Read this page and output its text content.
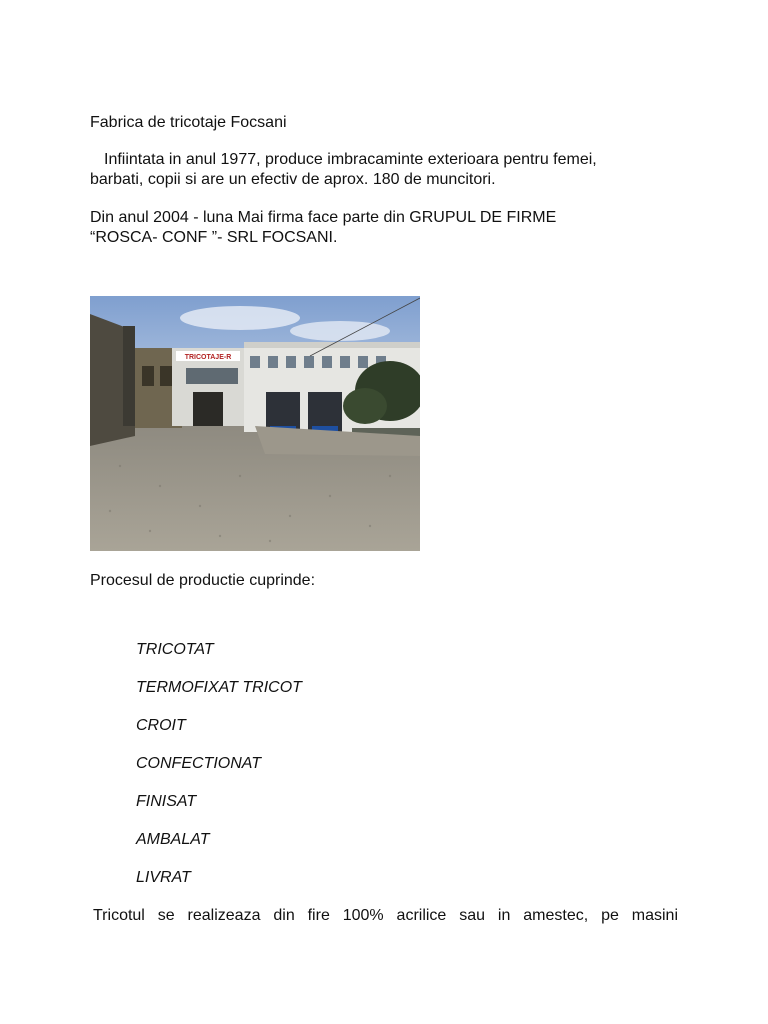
Fabrica de tricotaje Focsani

Infiintata in anul 1977, produce imbracaminte exterioara pentru femei,
barbati, copii si are un efectiv de aprox. 180 de muncitori.
Din anul 2004 - luna Mai firma face parte din GRUPUL DE FIRME
“ROSCA- CONF ”- SRL FOCSANI.
TRICOTAJE-R

Procesul de productie cuprinde:

TRICOTAT
TERMOFIXAT TRICOT
CROIT
CONFECTIONAT
FINISAT
AMBALAT
LIVRAT

Tricotul se realizeaza din fire 100% acrilice sau in amestec, pe masini
